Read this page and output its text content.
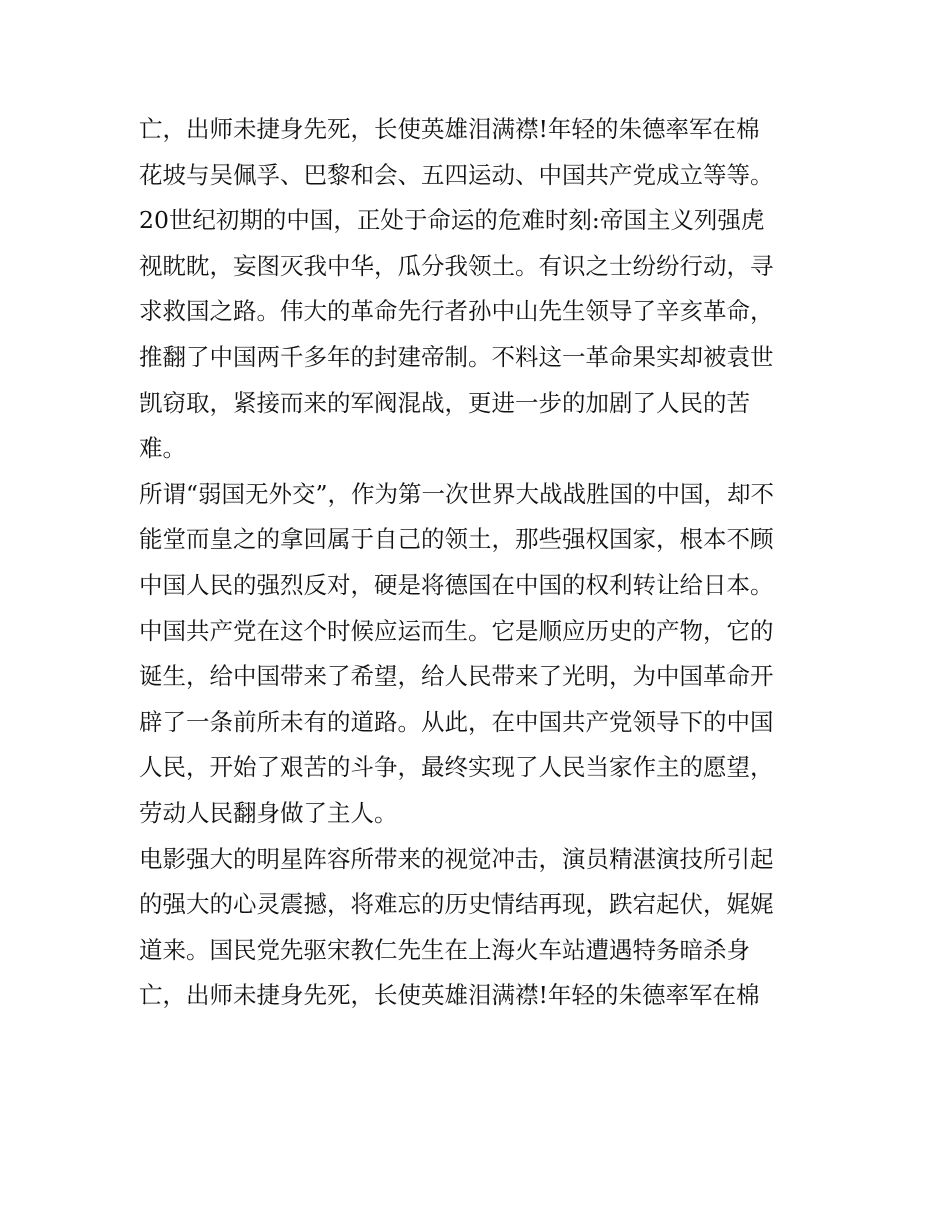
亡，出师未捷身先死，长使英雄泪满襟!年轻的朱德率军在棉
花坡与吴佩孚、巴黎和会、五四运动、中国共产党成立等等。
20世纪初期的中国，正处于命运的危难时刻:帝国主义列强虎
视眈眈，妄图灭我中华，瓜分我领土。有识之士纷纷行动，寻
求救国之路。伟大的革命先行者孙中山先生领导了辛亥革命，
推翻了中国两千多年的封建帝制。不料这一革命果实却被袁世
凯窃取，紧接而来的军阀混战，更进一步的加剧了人民的苦
难。
所谓“弱国无外交”，作为第一次世界大战战胜国的中国，却不
能堂而皇之的拿回属于自己的领土，那些强权国家，根本不顾
中国人民的强烈反对，硬是将德国在中国的权利转让给日本。
中国共产党在这个时候应运而生。它是顺应历史的产物，它的
诞生，给中国带来了希望，给人民带来了光明，为中国革命开
辟了一条前所未有的道路。从此，在中国共产党领导下的中国
人民，开始了艰苦的斗争，最终实现了人民当家作主的愿望，
劳动人民翻身做了主人。
电影强大的明星阵容所带来的视觉冲击，演员精湛演技所引起
的强大的心灵震撼，将难忘的历史情结再现，跌宕起伏，娓娓
道来。国民党先驱宋教仁先生在上海火车站遭遇特务暗杀身
亡，出师未捷身先死，长使英雄泪满襟!年轻的朱德率军在棉
